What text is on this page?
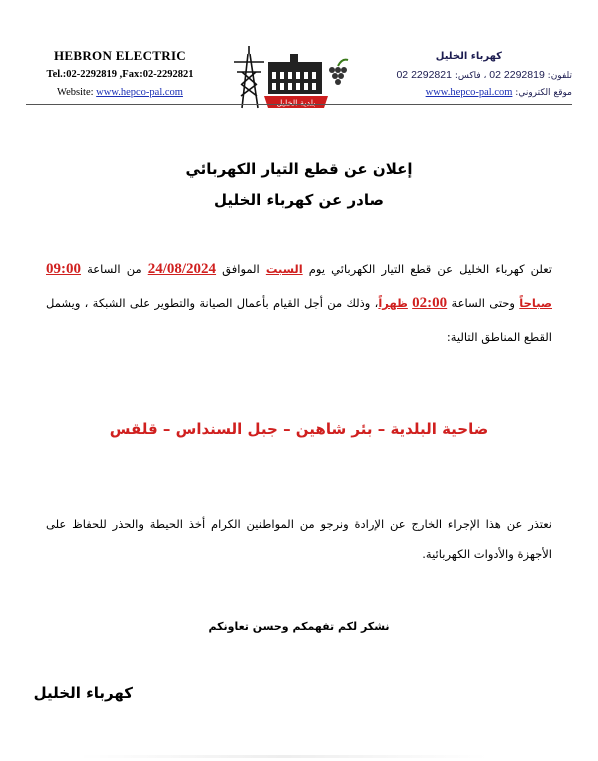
HEBRON ELECTRIC
Tel.:02-2292819 ,Fax:02-2292821
Website: www.hepco-pal.com
بلدية الخليل
كهرباء الخليل
تلفون: 2292819 02 ، فاكس: 2292821 02
موقع الكتروني: www.hepco-pal.com
إعلان عن قطع التيار الكهربائي
صادر عن كهرباء الخليل
تعلن كهرباء الخليل عن قطع التيار الكهربائي يوم السبت الموافق 24/08/2024 من الساعة 09:00 صباحاً وحتى الساعة 02:00 ظهراً، وذلك من أجل القيام بأعمال الصيانة والتطوير على الشبكة ، ويشمل القطع المناطق التالية:
ضاحية البلدية – بئر شاهين – جبل السنداس – قلقس
نعتذر عن هذا الإجراء الخارج عن الإرادة ونرجو من المواطنين الكرام أخذ الحيطة والحذر للحفاظ على الأجهزة والأدوات الكهربائية.
نشكر لكم تفهمكم وحسن تعاونكم
كهرباء الخليل
